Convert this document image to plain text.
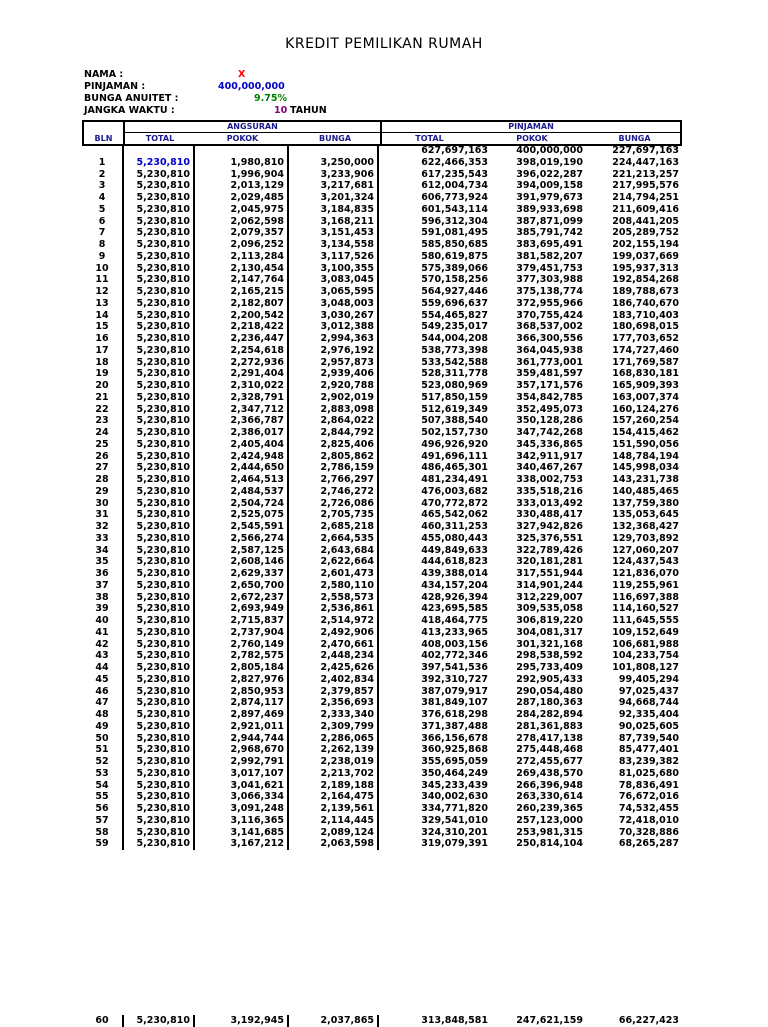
KREDIT PEMILIKAN RUMAH
NAMA :	X
PINJAMAN :	400,000,000
BUNGA ANUITET :	9.75%
JANGKA WAKTU :	10 TAHUN
ANGSURAN	PINJAMAN
BLN	TOTAL	POKOK	BUNGA	TOTAL	POKOK	BUNGA
				627,697,163	400,000,000	227,697,163
1	5,230,810	1,980,810	3,250,000	622,466,353	398,019,190	224,447,163
2	5,230,810	1,996,904	3,233,906	617,235,543	396,022,287	221,213,257
3	5,230,810	2,013,129	3,217,681	612,004,734	394,009,158	217,995,576
4	5,230,810	2,029,485	3,201,324	606,773,924	391,979,673	214,794,251
5	5,230,810	2,045,975	3,184,835	601,543,114	389,933,698	211,609,416
6	5,230,810	2,062,598	3,168,211	596,312,304	387,871,099	208,441,205
7	5,230,810	2,079,357	3,151,453	591,081,495	385,791,742	205,289,752
8	5,230,810	2,096,252	3,134,558	585,850,685	383,695,491	202,155,194
9	5,230,810	2,113,284	3,117,526	580,619,875	381,582,207	199,037,669
10	5,230,810	2,130,454	3,100,355	575,389,066	379,451,753	195,937,313
11	5,230,810	2,147,764	3,083,045	570,158,256	377,303,988	192,854,268
12	5,230,810	2,165,215	3,065,595	564,927,446	375,138,774	189,788,673
13	5,230,810	2,182,807	3,048,003	559,696,637	372,955,966	186,740,670
14	5,230,810	2,200,542	3,030,267	554,465,827	370,755,424	183,710,403
15	5,230,810	2,218,422	3,012,388	549,235,017	368,537,002	180,698,015
16	5,230,810	2,236,447	2,994,363	544,004,208	366,300,556	177,703,652
17	5,230,810	2,254,618	2,976,192	538,773,398	364,045,938	174,727,460
18	5,230,810	2,272,936	2,957,873	533,542,588	361,773,001	171,769,587
19	5,230,810	2,291,404	2,939,406	528,311,778	359,481,597	168,830,181
20	5,230,810	2,310,022	2,920,788	523,080,969	357,171,576	165,909,393
21	5,230,810	2,328,791	2,902,019	517,850,159	354,842,785	163,007,374
22	5,230,810	2,347,712	2,883,098	512,619,349	352,495,073	160,124,276
23	5,230,810	2,366,787	2,864,022	507,388,540	350,128,286	157,260,254
24	5,230,810	2,386,017	2,844,792	502,157,730	347,742,268	154,415,462
25	5,230,810	2,405,404	2,825,406	496,926,920	345,336,865	151,590,056
26	5,230,810	2,424,948	2,805,862	491,696,111	342,911,917	148,784,194
27	5,230,810	2,444,650	2,786,159	486,465,301	340,467,267	145,998,034
28	5,230,810	2,464,513	2,766,297	481,234,491	338,002,753	143,231,738
29	5,230,810	2,484,537	2,746,272	476,003,682	335,518,216	140,485,465
30	5,230,810	2,504,724	2,726,086	470,772,872	333,013,492	137,759,380
31	5,230,810	2,525,075	2,705,735	465,542,062	330,488,417	135,053,645
32	5,230,810	2,545,591	2,685,218	460,311,253	327,942,826	132,368,427
33	5,230,810	2,566,274	2,664,535	455,080,443	325,376,551	129,703,892
34	5,230,810	2,587,125	2,643,684	449,849,633	322,789,426	127,060,207
35	5,230,810	2,608,146	2,622,664	444,618,823	320,181,281	124,437,543
36	5,230,810	2,629,337	2,601,473	439,388,014	317,551,944	121,836,070
37	5,230,810	2,650,700	2,580,110	434,157,204	314,901,244	119,255,961
38	5,230,810	2,672,237	2,558,573	428,926,394	312,229,007	116,697,388
39	5,230,810	2,693,949	2,536,861	423,695,585	309,535,058	114,160,527
40	5,230,810	2,715,837	2,514,972	418,464,775	306,819,220	111,645,555
41	5,230,810	2,737,904	2,492,906	413,233,965	304,081,317	109,152,649
42	5,230,810	2,760,149	2,470,661	408,003,156	301,321,168	106,681,988
43	5,230,810	2,782,575	2,448,234	402,772,346	298,538,592	104,233,754
44	5,230,810	2,805,184	2,425,626	397,541,536	295,733,409	101,808,127
45	5,230,810	2,827,976	2,402,834	392,310,727	292,905,433	99,405,294
46	5,230,810	2,850,953	2,379,857	387,079,917	290,054,480	97,025,437
47	5,230,810	2,874,117	2,356,693	381,849,107	287,180,363	94,668,744
48	5,230,810	2,897,469	2,333,340	376,618,298	284,282,894	92,335,404
49	5,230,810	2,921,011	2,309,799	371,387,488	281,361,883	90,025,605
50	5,230,810	2,944,744	2,286,065	366,156,678	278,417,138	87,739,540
51	5,230,810	2,968,670	2,262,139	360,925,868	275,448,468	85,477,401
52	5,230,810	2,992,791	2,238,019	355,695,059	272,455,677	83,239,382
53	5,230,810	3,017,107	2,213,702	350,464,249	269,438,570	81,025,680
54	5,230,810	3,041,621	2,189,188	345,233,439	266,396,948	78,836,491
55	5,230,810	3,066,334	2,164,475	340,002,630	263,330,614	76,672,016
56	5,230,810	3,091,248	2,139,561	334,771,820	260,239,365	74,532,455
57	5,230,810	3,116,365	2,114,445	329,541,010	257,123,000	72,418,010
58	5,230,810	3,141,685	2,089,124	324,310,201	253,981,315	70,328,886
59	5,230,810	3,167,212	2,063,598	319,079,391	250,814,104	68,265,287
60	5,230,810	3,192,945	2,037,865	313,848,581	247,621,159	66,227,423
